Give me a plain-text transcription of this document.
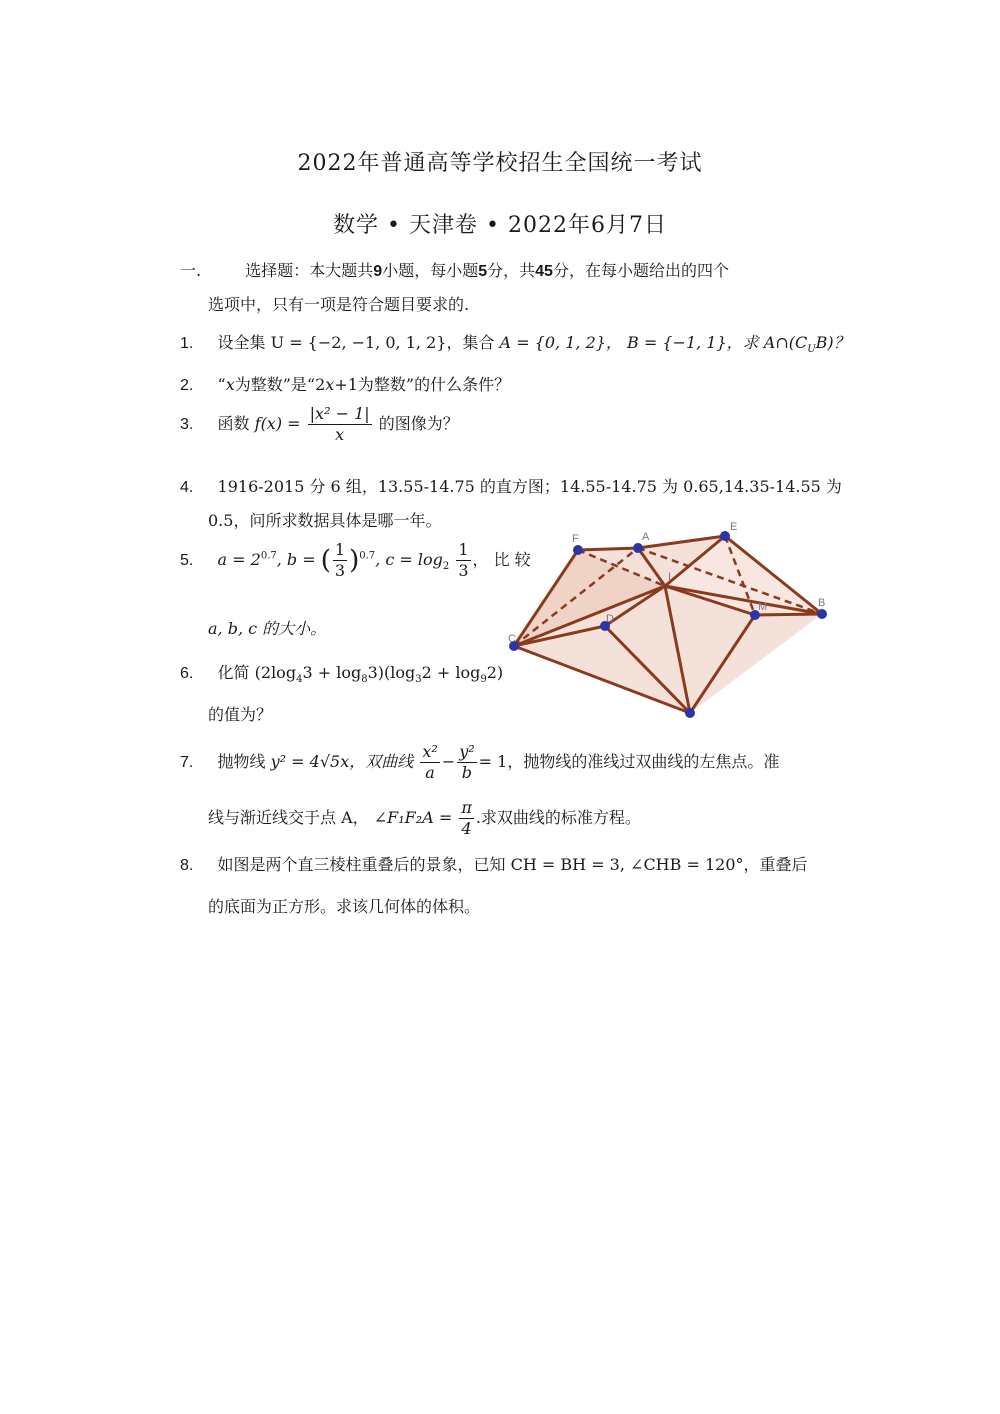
2022年普通高等学校招生全国统一考试
数学 • 天津卷 • 2022年6月7日
一.	选择题：本大题共9小题，每小题5分，共45分，在每小题给出的四个
选项中，只有一项是符合题目要求的.
1. 设全集 U = {−2, −1, 0, 1, 2}，集合 A = {0, 1, 2}， B = {−1, 1}，求 $A\cap(C_UB)$？
2. “x为整数”是“2x+1为整数”的什么条件？
3. 函数 $f(x) = \frac{\text{|x² − 1|}}{x}$ 的图像为？
4. 1916-2015 分 6 组，13.55-14.75 的直方图；14.55-14.75 为 0.65,14.35-14.55 为
0.5，问所求数据具体是哪一年。
5. $a = 2^{0.7}$, b = ( $\frac{1}{3} )^{0.7}$, $c = \log_2 \frac{1}{3}$ ， 比 较
a, b, c 的大小。
6. 化简 $(2\log_43 + \log_83)(\log_32 + \log_92)$
的值为？
7. 抛物线 y² = 4√5x，双曲线 $\frac{\text{x²}}{a} - \frac{\text{y²}}{b} = 1$，抛物线的准线过双曲线的左焦点。准
线与渐近线交于点 A， ∠F₁F₂A = $\frac{\pi}{4}$ .求双曲线的标准方程。
8. 如图是两个直三棱柱重叠后的景象，已知 CH = BH = 3, ∠CHB = 120°，重叠后
的底面为正方形。求该几何体的体积。
F	A
E
B
I
M
D
C
